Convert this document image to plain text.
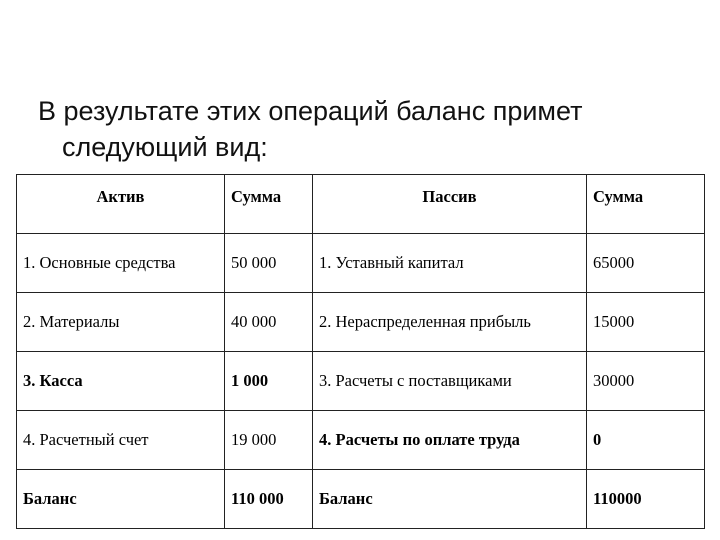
В результате этих операций баланс примет
следующий вид:
Актив	Сумма	Пассив	Сумма
1. Основные средства	50 000	1. Уставный капитал	65000
2. Материалы	40 000	2. Нераспределенная прибыль	15000
3. Касса	1 000	3. Расчеты с поставщиками	30000
4. Расчетный счет	19 000	4. Расчеты по оплате труда	0
Баланс	110 000	Баланс	110000
